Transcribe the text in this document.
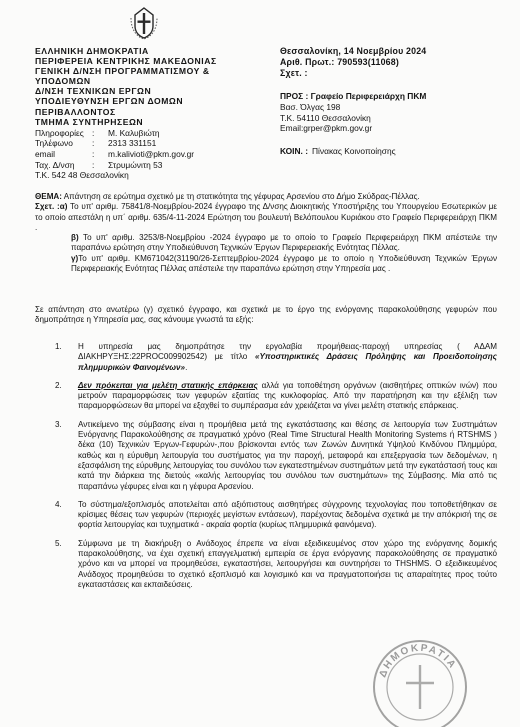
ΕΛΛΗΝΙΚΗ ΔΗΜΟΚΡΑΤΙΑ
ΠΕΡΙΦΕΡΕΙΑ ΚΕΝΤΡΙΚΗΣ ΜΑΚΕΔΟΝΙΑΣ
ΓΕΝΙΚΗ Δ/ΝΣΗ ΠΡΟΓΡΑΜΜΑΤΙΣΜΟΥ &
ΥΠΟΔΟΜΩΝ
Δ/ΝΣΗ ΤΕΧΝΙΚΩΝ ΕΡΓΩΝ
ΥΠΟΔΙΕΥΘΥΝΣΗ ΕΡΓΩΝ ΔΟΜΩΝ
ΠΕΡΙΒΑΛΛΟΝΤΟΣ
ΤΜΗΜΑ ΣΥΝΤΗΡΗΣΕΩΝ
Πληροφορίες :	Μ. Καλυβιώτη
Τηλέφωνο	:	2313 331151
email	:	m.kalivioti@pkm.gov.gr
Ταχ. Δ/νση	:	Στρυμώνιτη 53
Τ.Κ. 542 48 Θεσσαλονίκη
Θεσσαλονίκη, 14 Νοεμβρίου 2024
Αριθ. Πρωτ.: 790593(11068)
Σχετ. :
ΠΡΟΣ : Γραφείο Περιφερειάρχη ΠΚΜ
Βασ. Όλγας 198
Τ.Κ. 54110 Θεσσαλονίκη
Email:grper@pkm.gov.gr
ΚΟΙΝ. : Πίνακας Κοινοποίησης

ΘΕΜΑ: Απάντηση σε ερώτημα σχετικό με τη στατικότητα της γέφυρας Αρσενίου στο Δήμο Σκύδρας-Πέλλας.

Σχετ. :α) Το υπ' αριθμ. 75841/8-Νοεμβρίου-2024 έγγραφο της Δ/νσης Διοικητικής Υποστήριξης του Υπουργείου Εσωτερικών με το οποίο απεστάλη η υπ΄ αριθμ. 635/4-11-2024 Ερώτηση του βουλευτή Βελόπουλου Κυριάκου στο Γραφείο Περιφερειάρχη ΠΚΜ .

β) Το υπ' αριθμ. 3253/8-Νοεμβρίου -2024 έγγραφο με το οποίο το Γραφείο Περιφερειάρχη ΠΚΜ απέστειλε την παραπάνω ερώτηση στην Υποδιεύθυνση Τεχνικών Έργων Περιφερειακής Ενότητας Πέλλας.

γ)Το υπ' αριθμ. ΚΜ671042(31190/26-Σεπτεμβρίου-2024 έγγραφο με το οποίο η Υποδιεύθυνση Τεχνικών Έργων Περιφερειακής Ενότητας Πέλλας απέστειλε την παραπάνω ερώτηση στην Υπηρεσία μας .

Σε απάντηση στο ανωτέρω (γ) σχετικό έγγραφο, και σχετικά με το έργο της ενόργανης παρακολούθησης γεφυρών που δημοπράτησε η Υπηρεσία μας, σας κάνουμε γνωστά τα εξής:

1. Η υπηρεσία μας δημοπράτησε την εργολαβία προμήθειας-παροχή υπηρεσίας ( ΑΔΑΜ ΔΙΑΚΗΡΥΞΗΣ:22PROC009902542) με τίτλο «Υποστηρικτικές Δράσεις Πρόληψης και Προειδοποίησης πλημμυρικών Φαινομένων».
2. Δεν πρόκειται για μελέτη στατικής επάρκειας αλλά για τοποθέτηση οργάνων (αισθητήρες οπτικών ινών) που μετρούν παραμορφώσεις των γεφυρών εξαιτίας της κυκλοφορίας. Από την παρατήρηση και την εξέλιξη των παραμορφώσεων θα μπορεί να εξαχθεί το συμπέρασμα εάν χρειάζεται να γίνει μελέτη στατικής επάρκειας.
3. Αντικείμενο της σύμβασης είναι η προμήθεια μετά της εγκατάστασης και θέσης σε λειτουργία των Συστημάτων Ενόργανης Παρακολούθησης σε πραγματικό χρόνο (Real Time Structural Health Monitoring Systems ή RTSHMS ) δέκα (10) Τεχνικών Έργων-Γεφυρών-,που βρίσκονται εντός των Ζωνών Δυνητικά Υψηλού Κινδύνου Πλημμύρα, καθώς και η εύρυθμη λειτουργία του συστήματος για την παροχή, μεταφορά και επεξεργασία των δεδομένων, η εξασφάλιση της εύρυθμης λειτουργίας του συνόλου των εγκατεστημένων συστημάτων μετά την εγκατάστασή τους και κατά την διάρκεια της διετούς «καλής λειτουργίας του συνόλου των συστημάτων» της Σύμβασης. Μία από τις παραπάνω γέφυρες είναι και η γέφυρα Αρσενίου.
4. Το σύστημα/εξοπλισμός αποτελείται από αξιόπιστους αισθητήρες σύγχρονης τεχνολογίας που τοποθετήθηκαν σε κρίσιμες θέσεις των γεφυρών (περιοχές μεγίστων εντάσεων), παρέχοντας δεδομένα σχετικά με την απόκρισή της σε φορτία λειτουργίας και τυχηματικά - ακραία φορτία (κυρίως πλημμυρικά φαινόμενα).
5. Σύμφωνα με τη διακήρυξη ο Ανάδοχος έπρεπε να είναι εξειδικευμένος στον χώρο της ενόργανης δομικής παρακολούθησης, να έχει σχετική επαγγελματική εμπειρία σε έργα ενόργανης παρακολούθησης σε πραγματικό χρόνο και να μπορεί να προμηθεύσει, εγκαταστήσει, λειτουργήσει και συντηρήσει το THSHMS. Ο εξειδικευμένος Ανάδοχος προμηθεύσει το σχετικό εξοπλισμό και λογισμικό και να πραγματοποιήσει τις απαραίτητες προς τούτο εγκαταστάσεις και εκπαιδεύσεις.
ΔΗΜΟΚΡΑΤΙΑ
